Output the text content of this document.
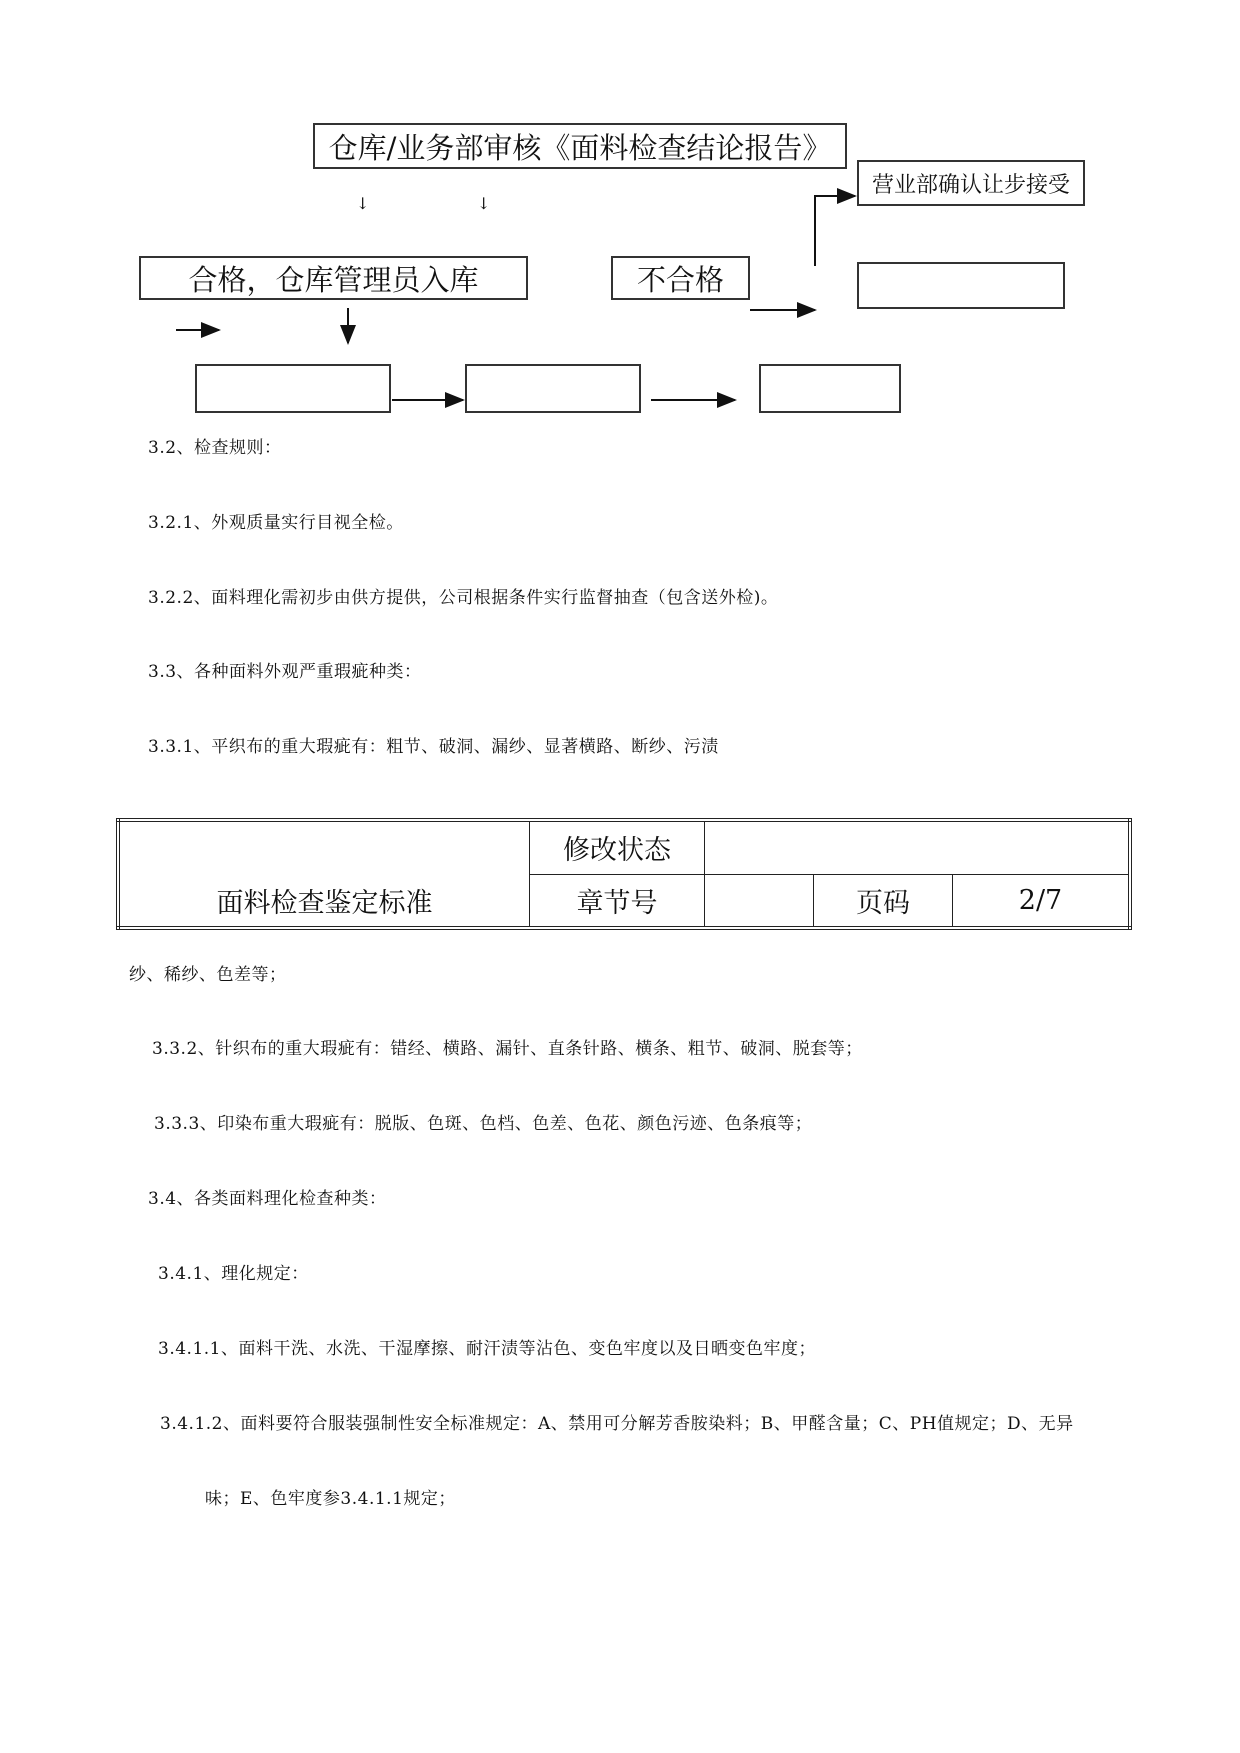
仓库/业务部审核《面料检查结论报告》
营业部确认让步接受
↓	↓
合格，仓库管理员入库	不合格
3.2、检查规则：
3.2.1、外观质量实行目视全检。
3.2.2、面料理化需初步由供方提供，公司根据条件实行监督抽查（包含送外检)。
3.3、各种面料外观严重瑕疵种类：
3.3.1、平织布的重大瑕疵有：粗节、破洞、漏纱、显著横路、断纱、污渍
面料检查鉴定标准	修改状态			
	章节号		页码	2/7
纱、稀纱、色差等；
3.3.2、针织布的重大瑕疵有：错经、横路、漏针、直条针路、横条、粗节、破洞、脱套等；
3.3.3、印染布重大瑕疵有：脱版、色斑、色档、色差、色花、颜色污迹、色条痕等；
3.4、各类面料理化检查种类：
3.4.1、理化规定：
3.4.1.1、面料干洗、水洗、干湿摩擦、耐汗渍等沾色、变色牢度以及日晒变色牢度；
3.4.1.2、面料要符合服装强制性安全标准规定：A、禁用可分解芳香胺染料；B、甲醛含量；C、PH值规定；D、无异
味；E、色牢度参3.4.1.1规定；
